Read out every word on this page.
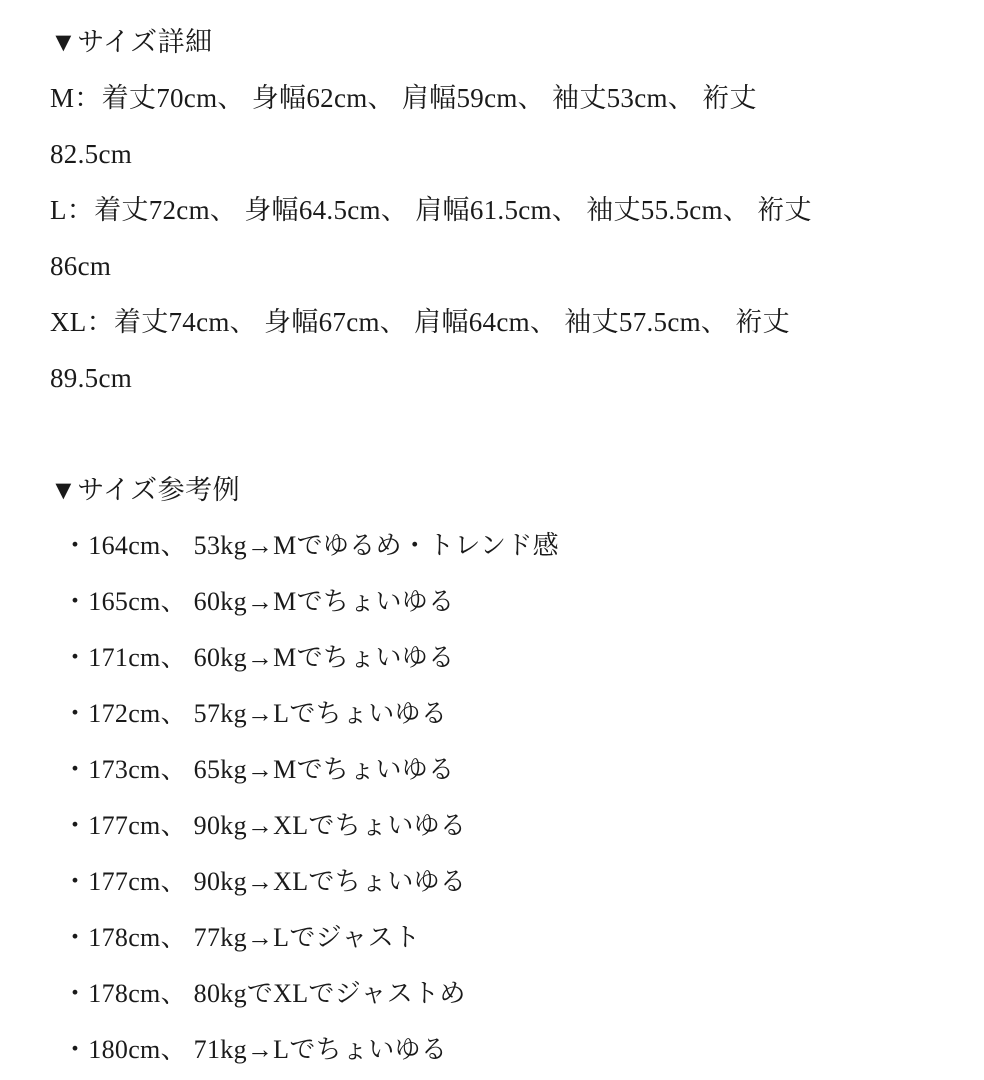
▼サイズ詳細
M：着丈70cm、 身幅62cm、 肩幅59cm、 袖丈53cm、 裄丈
82.5cm
L：着丈72cm、 身幅64.5cm、 肩幅61.5cm、 袖丈55.5cm、 裄丈
86cm
XL：着丈74cm、 身幅67cm、 肩幅64cm、 袖丈57.5cm、 裄丈
89.5cm
▼サイズ参考例
・164cm、 53kg→Mでゆるめ・トレンド感
・165cm、 60kg→Mでちょいゆる
・171cm、 60kg→Mでちょいゆる
・172cm、 57kg→Lでちょいゆる
・173cm、 65kg→Mでちょいゆる
・177cm、 90kg→XLでちょいゆる
・177cm、 90kg→XLでちょいゆる
・178cm、 77kg→Lでジャスト
・178cm、 80kgでXLでジャストめ
・180cm、 71kg→Lでちょいゆる
